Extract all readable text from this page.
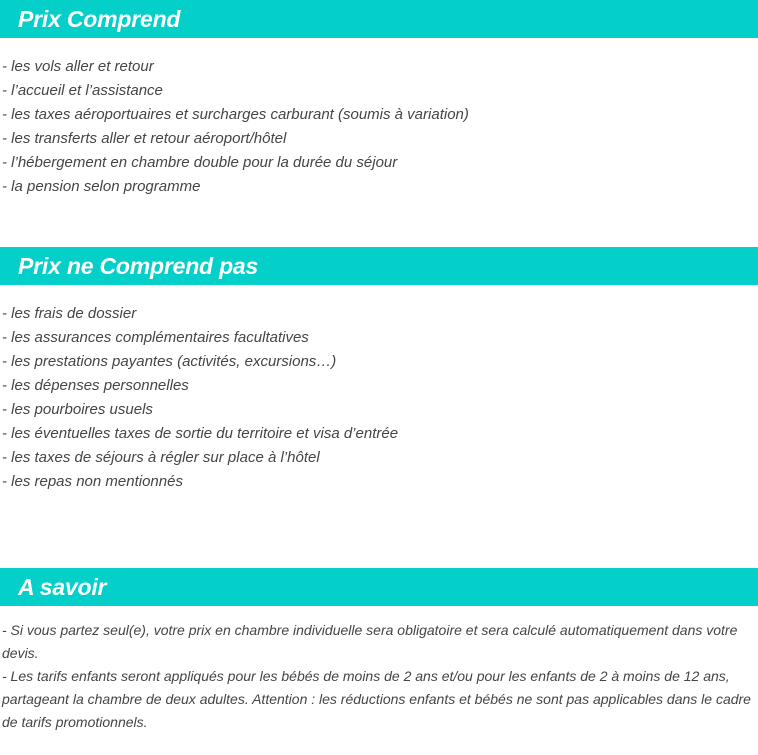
Prix Comprend
- les vols aller et retour
- l’accueil et l’assistance
- les taxes aéroportuaires et surcharges carburant (soumis à variation)
- les transferts aller et retour aéroport/hôtel
- l’hébergement en chambre double pour la durée du séjour
- la pension selon programme
Prix ne Comprend pas
- les frais de dossier
- les assurances complémentaires facultatives
- les prestations payantes (activités, excursions…)
- les dépenses personnelles
- les pourboires usuels
- les éventuelles taxes de sortie du territoire et visa d’entrée
- les taxes de séjours à régler sur place à l’hôtel
- les repas non mentionnés
A savoir

- Si vous partez seul(e), votre prix en chambre individuelle sera obligatoire et sera calculé automatiquement dans votre devis.

- Les tarifs enfants seront appliqués pour les bébés de moins de 2 ans et/ou pour les enfants de 2 à moins de 12 ans, partageant la chambre de deux adultes. Attention : les réductions enfants et bébés ne sont pas applicables dans le cadre de tarifs promotionnels.
